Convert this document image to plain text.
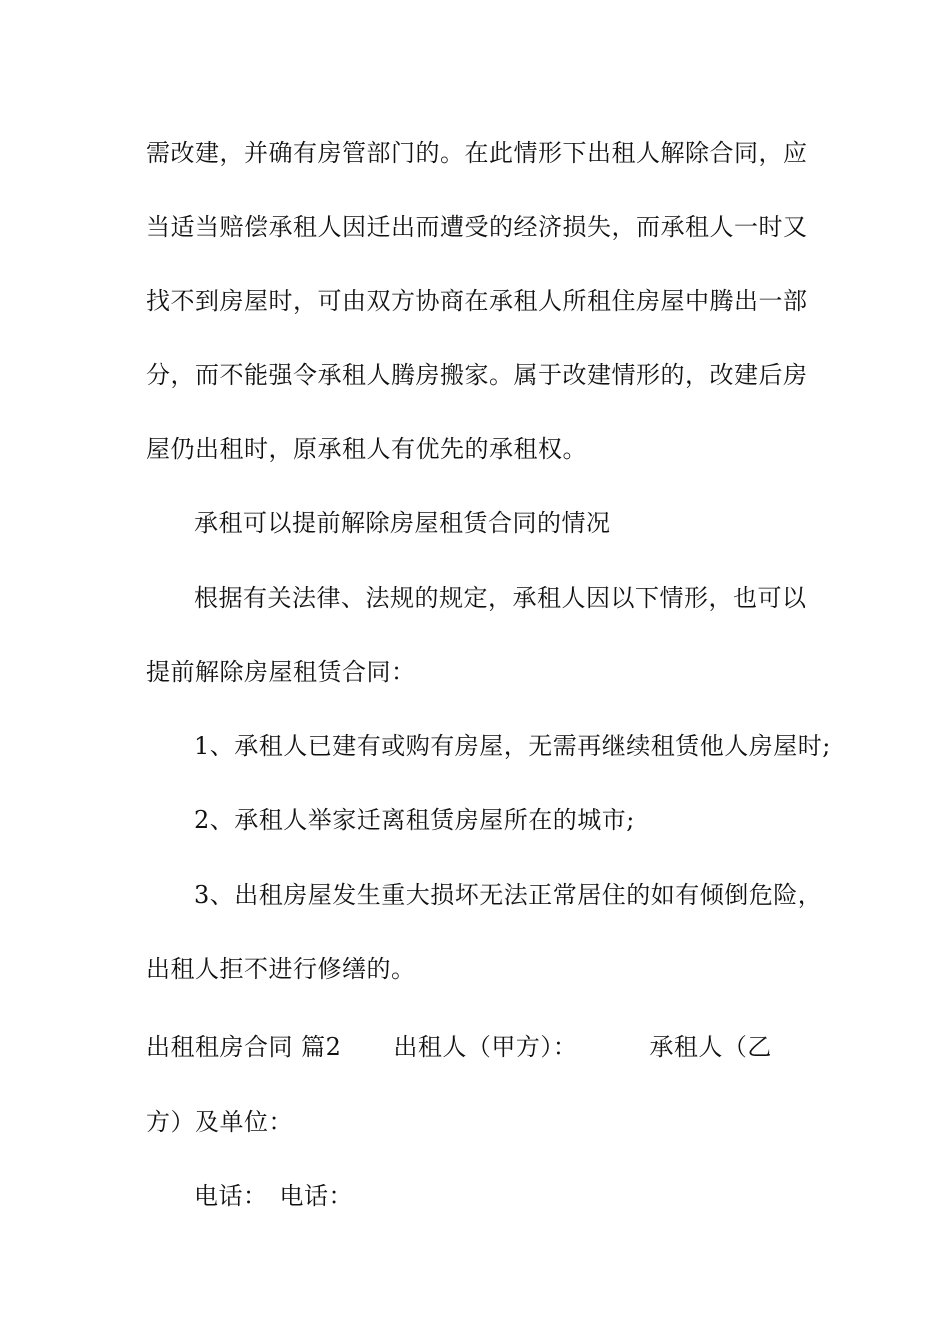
需改建，并确有房管部门的。在此情形下出租人解除合同，应
当适当赔偿承租人因迁出而遭受的经济损失，而承租人一时又
找不到房屋时，可由双方协商在承租人所租住房屋中腾出一部
分，而不能强令承租人腾房搬家。属于改建情形的，改建后房
屋仍出租时，原承租人有优先的承租权。
承租可以提前解除房屋租赁合同的情况
根据有关法律、法规的规定，承租人因以下情形，也可以
提前解除房屋租赁合同：
1、承租人已建有或购有房屋，无需再继续租赁他人房屋时;
2、承租人举家迁离租赁房屋所在的城市;
3、出租房屋发生重大损坏无法正常居住的如有倾倒危险，
出租人拒不进行修缮的。
出租租房合同 篇2 出租人（甲方）：	承租人（乙
方）及单位：
电话： 电话：
